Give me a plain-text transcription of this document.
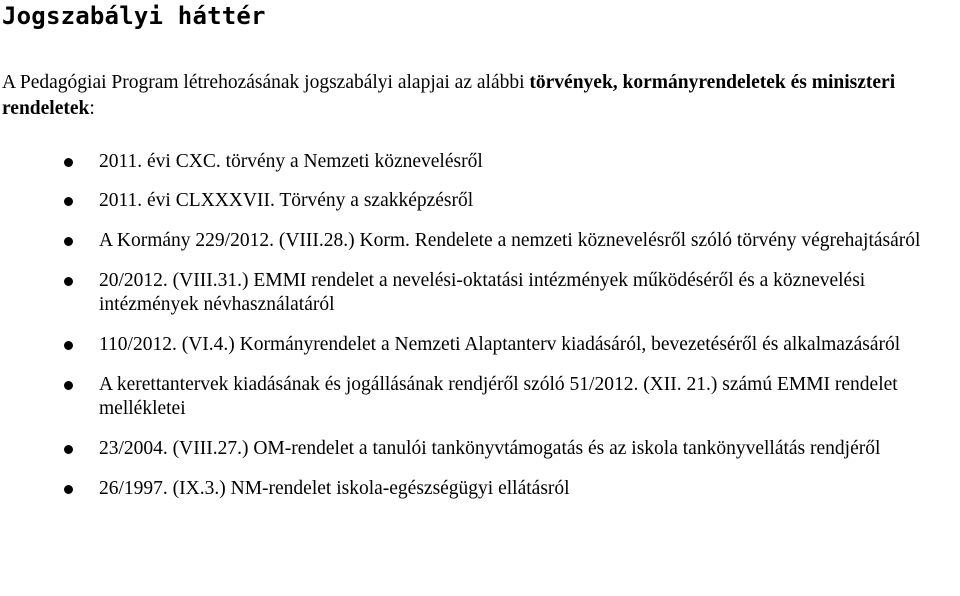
Jogszabályi háttér

A Pedagógiai Program létrehozásának jogszabályi alapjai az alábbi törvények, kormányrendeletek és miniszteri rendeletek:

2011. évi CXC. törvény a Nemzeti köznevelésről
2011. évi CLXXXVII. Törvény a szakképzésről
A Kormány 229/2012. (VIII.28.) Korm. Rendelete a nemzeti köznevelésről szóló törvény végrehajtásáról
20/2012. (VIII.31.) EMMI rendelet a nevelési-oktatási intézmények működéséről és a köznevelési intézmények névhasználatáról
110/2012. (VI.4.) Kormányrendelet a Nemzeti Alaptanterv kiadásáról, bevezetéséről és alkalmazásáról
A kerettantervek kiadásának és jogállásának rendjéről szóló 51/2012. (XII. 21.) számú EMMI rendelet mellékletei
23/2004. (VIII.27.) OM-rendelet a tanulói tankönyvtámogatás és az iskola tankönyvellátás rendjéről
26/1997. (IX.3.) NM-rendelet iskola-egészségügyi ellátásról
